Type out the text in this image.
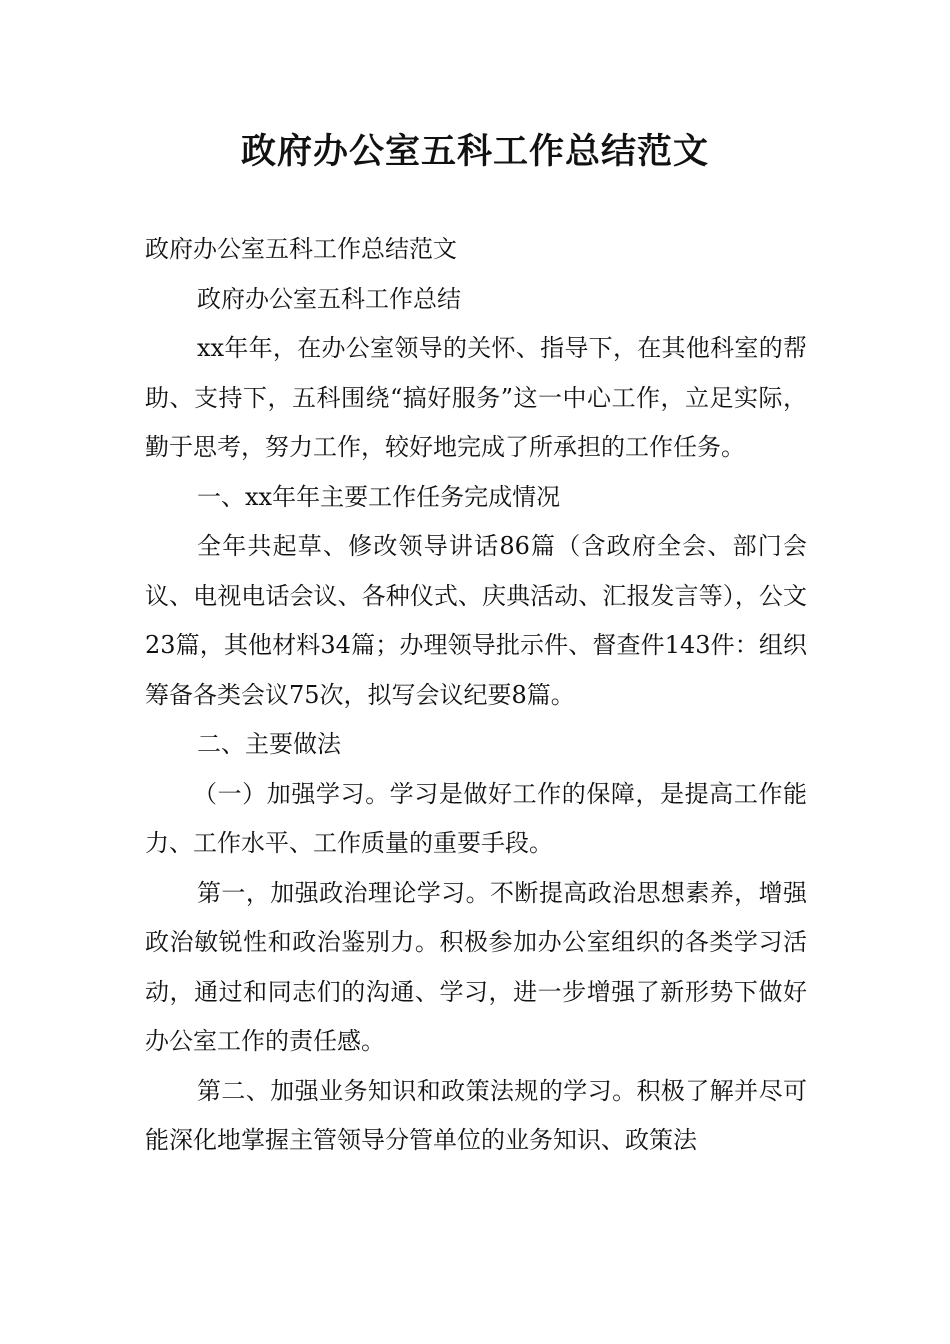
政府办公室五科工作总结范文

政府办公室五科工作总结范文

政府办公室五科工作总结

xx年年，在办公室领导的关怀、指导下，在其他科室的帮助、支持下，五科围绕“搞好服务”这一中心工作，立足实际，勤于思考，努力工作，较好地完成了所承担的工作任务。

一、xx年年主要工作任务完成情况

全年共起草、修改领导讲话86篇（含政府全会、部门会议、电视电话会议、各种仪式、庆典活动、汇报发言等），公文23篇，其他材料34篇；办理领导批示件、督查件143件：组织筹备各类会议75次，拟写会议纪要8篇。

二、主要做法

（一）加强学习。学习是做好工作的保障，是提高工作能力、工作水平、工作质量的重要手段。

第一，加强政治理论学习。不断提高政治思想素养，增强政治敏锐性和政治鉴别力。积极参加办公室组织的各类学习活动，通过和同志们的沟通、学习，进一步增强了新形势下做好办公室工作的责任感。

第二、加强业务知识和政策法规的学习。积极了解并尽可能深化地掌握主管领导分管单位的业务知识、政策法
